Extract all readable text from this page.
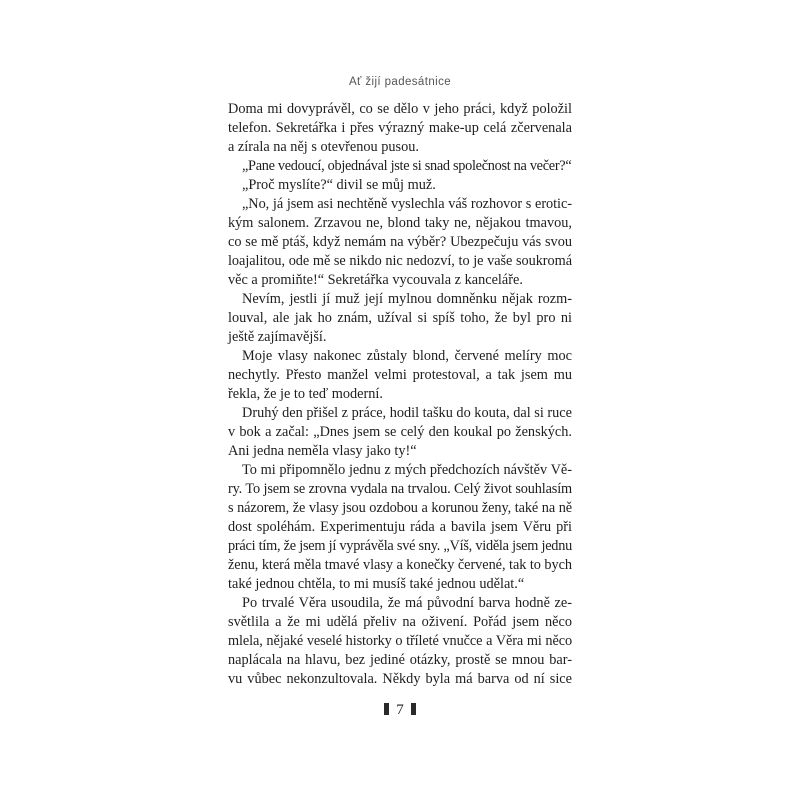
Ať žijí padesátnice
Doma mi dovyprávěl, co se dělo v jeho práci, když položil
telefon. Sekretářka i přes výrazný make-up celá zčervenala
a zírala na něj s otevřenou pusou.
„Pane vedoucí, objednával jste si snad společnost na večer?“
„Proč myslíte?“ divil se můj muž.
„No, já jsem asi nechtěně vyslechla váš rozhovor s erotic-
kým salonem. Zrzavou ne, blond taky ne, nějakou tmavou,
co se mě ptáš, když nemám na výběr? Ubezpečuju vás svou
loajalitou, ode mě se nikdo nic nedozví, to je vaše soukromá
věc a promiňte!“ Sekretářka vycouvala z kanceláře.
Nevím, jestli jí muž její mylnou domněnku nějak rozm-
louval, ale jak ho znám, užíval si spíš toho, že byl pro ni
ještě zajímavější.
Moje vlasy nakonec zůstaly blond, červené melíry moc
nechytly. Přesto manžel velmi protestoval, a tak jsem mu
řekla, že je to teď moderní.
Druhý den přišel z práce, hodil tašku do kouta, dal si ruce
v bok a začal: „Dnes jsem se celý den koukal po ženských.
Ani jedna neměla vlasy jako ty!“
To mi připomnělo jednu z mých předchozích návštěv Vě-
ry. To jsem se zrovna vydala na trvalou. Celý život souhlasím
s názorem, že vlasy jsou ozdobou a korunou ženy, také na ně
dost spoléhám. Experimentuju ráda a bavila jsem Věru při
práci tím, že jsem jí vyprávěla své sny. „Víš, viděla jsem jednu
ženu, která měla tmavé vlasy a konečky červené, tak to bych
také jednou chtěla, to mi musíš také jednou udělat.“
Po trvalé Věra usoudila, že má původní barva hodně ze-
světlila a že mi udělá přeliv na oživení. Pořád jsem něco
mlela, nějaké veselé historky o tříleté vnučce a Věra mi něco
naplácala na hlavu, bez jediné otázky, prostě se mnou bar-
vu vůbec nekonzultovala. Někdy byla má barva od ní sice
7
